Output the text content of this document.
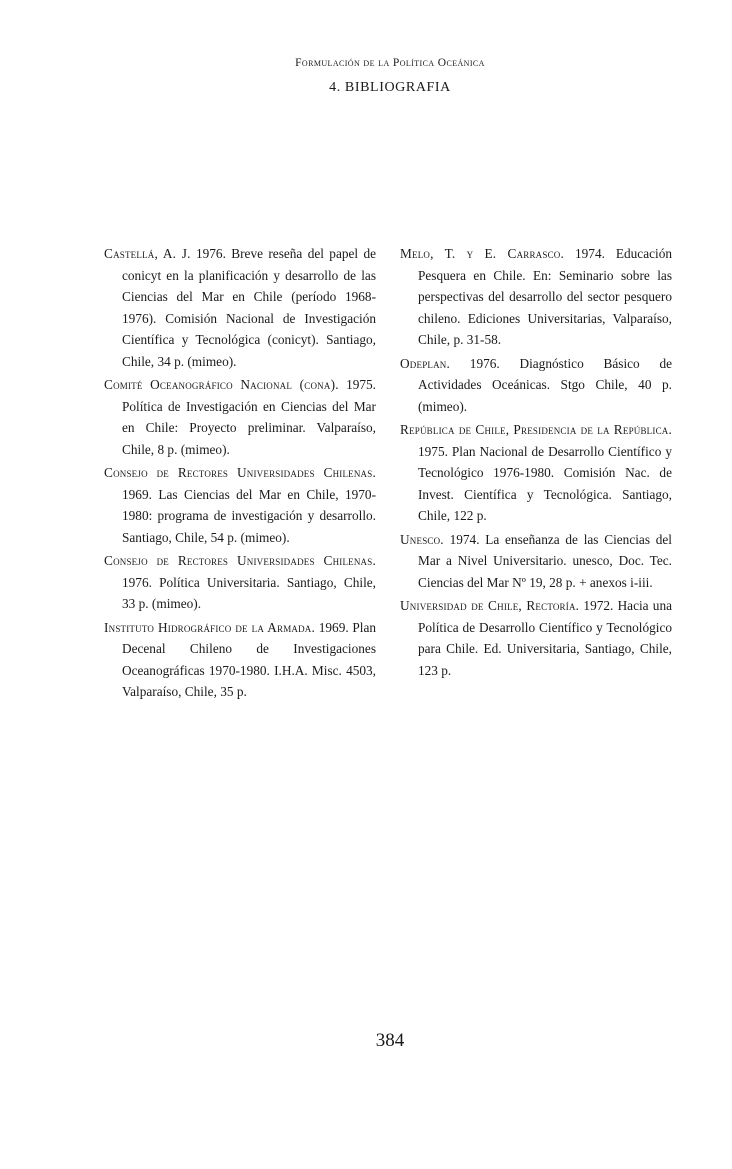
Formulación de la Política Oceánica
4. BIBLIOGRAFIA

Castellá, A. J. 1976. Breve reseña del papel de conicyt en la planificación y desarrollo de las Ciencias del Mar en Chile (período 1968-1976). Comisión Nacional de Investigación Científica y Tecnológica (conicyt). Santiago, Chile, 34 p. (mimeo).

Comité Oceanográfico Nacional (cona). 1975. Política de Investigación en Ciencias del Mar en Chile: Proyecto preliminar. Valparaíso, Chile, 8 p. (mimeo).

Consejo de Rectores Universidades Chilenas. 1969. Las Ciencias del Mar en Chile, 1970-1980: programa de investigación y desarrollo. Santiago, Chile, 54 p. (mimeo).

Consejo de Rectores Universidades Chilenas. 1976. Política Universitaria. Santiago, Chile, 33 p. (mimeo).

Instituto Hidrográfico de la Armada. 1969. Plan Decenal Chileno de Investigaciones Oceanográficas 1970-1980. I.H.A. Misc. 4503, Valparaíso, Chile, 35 p.

Melo, T. y E. Carrasco. 1974. Educación Pesquera en Chile. En: Seminario sobre las perspectivas del desarrollo del sector pesquero chileno. Ediciones Universitarias, Valparaíso, Chile, p. 31-58.

Odeplan. 1976. Diagnóstico Básico de Actividades Oceánicas. Stgo Chile, 40 p. (mimeo).

República de Chile, Presidencia de la República. 1975. Plan Nacional de Desarrollo Científico y Tecnológico 1976-1980. Comisión Nac. de Invest. Científica y Tecnológica. Santiago, Chile, 122 p.

Unesco. 1974. La enseñanza de las Ciencias del Mar a Nivel Universitario. unesco, Doc. Tec. Ciencias del Mar Nº 19, 28 p. + anexos i-iii.

Universidad de Chile, Rectoría. 1972. Hacia una Política de Desarrollo Científico y Tecnológico para Chile. Ed. Universitaria, Santiago, Chile, 123 p.

384
